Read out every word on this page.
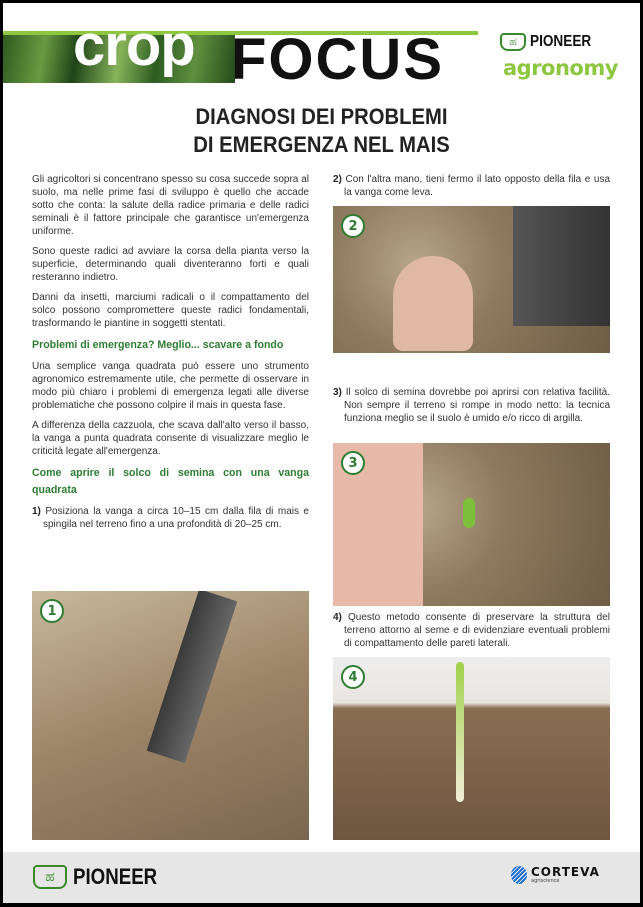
crop FOCUS	ಹ PIONEER
agronomy
DIAGNOSI DEI PROBLEMI
DI EMERGENZA NEL MAIS

Gli agricoltori si concentrano spesso su cosa succede sopra al suolo, ma nelle prime fasi di sviluppo è quello che accade sotto che conta: la salute della radice primaria e delle radici seminali è il fattore principale che garantisce un'emergenza uniforme.

Sono queste radici ad avviare la corsa della pianta verso la superficie, determinando quali diventeranno forti e quali resteranno indietro.

Danni da insetti, marciumi radicali o il compattamento del solco possono compromettere queste radici fondamentali, trasformando le piantine in soggetti stentati.

Problemi di emergenza? Meglio... scavare a fondo

Una semplice vanga quadrata può essere uno strumento agronomico estremamente utile, che permette di osservare in modo più chiaro i problemi di emergenza legati alle diverse problematiche che possono colpire il mais in questa fase.

A differenza della cazzuola, che scava dall'alto verso il basso, la vanga a punta quadrata consente di visualizzare meglio le criticità legate all'emergenza.

Come aprire il solco di semina con una vanga quadrata

1) Posiziona la vanga a circa 10–15 cm dalla fila di mais e spingila nel terreno fino a una profondità di 20–25 cm.

1

2) Con l'altra mano, tieni fermo il lato opposto della fila e usa la vanga come leva.

2

3) Il solco di semina dovrebbe poi aprirsi con relativa facilità. Non sempre il terreno si rompe in modo netto: la tecnica funziona meglio se il suolo è umido e/o ricco di argilla.

3

4) Questo metodo consente di preservare la struttura del terreno attorno al seme e di evidenziare eventuali problemi di compattamento delle pareti laterali.

4
ಹ PIONEER	CORTEVA
agriscience
